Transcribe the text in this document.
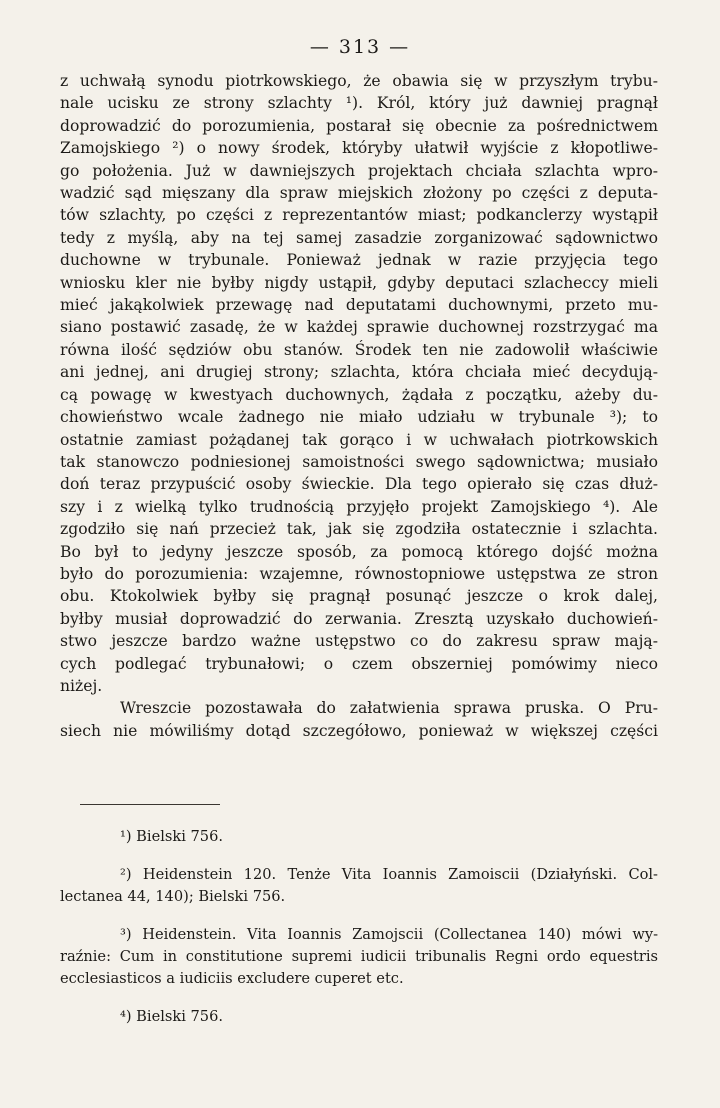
— 313 —
z uchwałą synodu piotrkowskiego, że obawia się w przyszłym trybu-
nale ucisku ze strony szlachty ¹). Król, który już dawniej pragnął
doprowadzić do porozumienia, postarał się obecnie za pośrednictwem
Zamojskiego ²) o nowy środek, któryby ułatwił wyjście z kłopotliwe-
go położenia. Już w dawniejszych projektach chciała szlachta wpro-
wadzić sąd mięszany dla spraw miejskich złożony po części z deputa-
tów szlachty, po części z reprezentantów miast; podkanclerzy wystąpił
tedy z myślą, aby na tej samej zasadzie zorganizować sądownictwo
duchowne w trybunale. Ponieważ jednak w razie przyjęcia tego
wniosku kler nie byłby nigdy ustąpił, gdyby deputaci szlacheccy mieli
mieć jakąkolwiek przewagę nad deputatami duchownymi, przeto mu-
siano postawić zasadę, że w każdej sprawie duchownej rozstrzygać ma
równa ilość sędziów obu stanów. Środek ten nie zadowolił właściwie
ani jednej, ani drugiej strony; szlachta, która chciała mieć decydują-
cą powagę w kwestyach duchownych, żądała z początku, ażeby du-
chowieństwo wcale żadnego nie miało udziału w trybunale ³); to
ostatnie zamiast pożądanej tak gorąco i w uchwałach piotrkowskich
tak stanowczo podniesionej samoistności swego sądownictwa; musiało
doń teraz przypuścić osoby świeckie. Dla tego opierało się czas dłuż-
szy i z wielką tylko trudnością przyjęło projekt Zamojskiego ⁴). Ale
zgodziło się nań przecież tak, jak się zgodziła ostatecznie i szlachta.
Bo był to jedyny jeszcze sposób, za pomocą którego dojść można
było do porozumienia: wzajemne, równostopniowe ustępstwa ze stron
obu. Ktokolwiek byłby się pragnął posunąć jeszcze o krok dalej,
byłby musiał doprowadzić do zerwania. Zresztą uzyskało duchowień-
stwo jeszcze bardzo ważne ustępstwo co do zakresu spraw mają-
cych podlegać trybunałowi; o czem obszerniej pomówimy nieco
niżej.
Wreszcie pozostawała do załatwienia sprawa pruska. O Pru-
siech nie mówiliśmy dotąd szczegółowo, ponieważ w większej części
¹) Bielski 756.
²) Heidenstein 120. Tenże Vita Ioannis Zamoiscii (Działyński. Col-
lectanea 44, 140); Bielski 756.
³) Heidenstein. Vita Ioannis Zamojscii (Collectanea 140) mówi wy-
raźnie: Cum in constitutione supremi iudicii tribunalis Regni ordo equestris
ecclesiasticos a iudiciis excludere cuperet etc.
⁴) Bielski 756.
